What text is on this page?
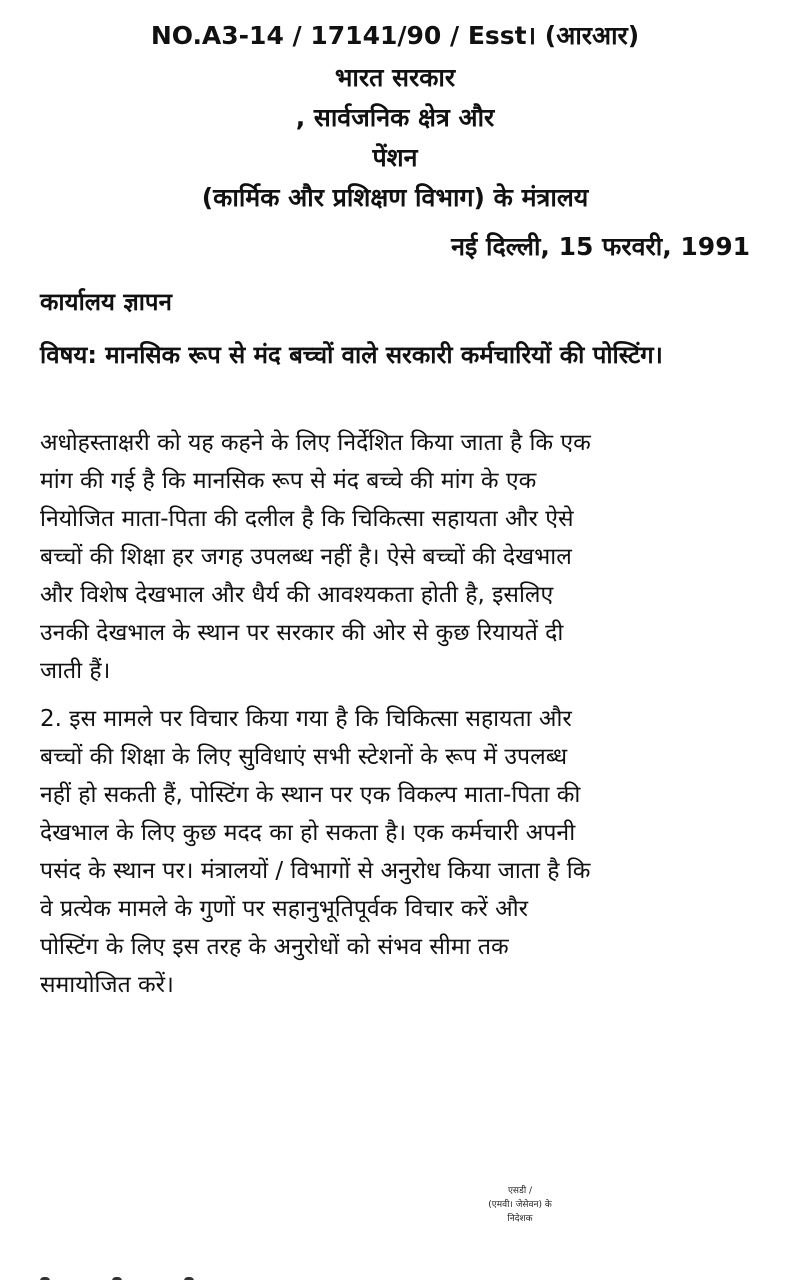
NO.A3-14 / 17141/90 / Esst। (आरआर)
भारत सरकार
, सार्वजनिक क्षेत्र और
पेंशन
(कार्मिक और प्रशिक्षण विभाग) के मंत्रालय
नई दिल्ली, 15 फरवरी, 1991
कार्यालय ज्ञापन
विषय: मानसिक रूप से मंद बच्चों वाले सरकारी कर्मचारियों की पोस्टिंग।
अधोहस्ताक्षरी को यह कहने के लिए निर्देशित किया जाता है कि एक
मांग की गई है कि मानसिक रूप से मंद बच्चे की मांग के एक
नियोजित माता-पिता की दलील है कि चिकित्सा सहायता और ऐसे
बच्चों की शिक्षा हर जगह उपलब्ध नहीं है। ऐसे बच्चों की देखभाल
और विशेष देखभाल और धैर्य की आवश्यकता होती है, इसलिए
उनकी देखभाल के स्थान पर सरकार की ओर से कुछ रियायतें दी
जाती हैं।
2. इस मामले पर विचार किया गया है कि चिकित्सा सहायता और
बच्चों की शिक्षा के लिए सुविधाएं सभी स्टेशनों के रूप में उपलब्ध
नहीं हो सकती हैं, पोस्टिंग के स्थान पर एक विकल्प माता-पिता की
देखभाल के लिए कुछ मदद का हो सकता है। एक कर्मचारी अपनी
पसंद के स्थान पर। मंत्रालयों / विभागों से अनुरोध किया जाता है कि
वे प्रत्येक मामले के गुणों पर सहानुभूतिपूर्वक विचार करें और
पोस्टिंग के लिए इस तरह के अनुरोधों को संभव सीमा तक
समायोजित करें।
एसडी /
(एमवी। जेसेवन) के
निदेशक
